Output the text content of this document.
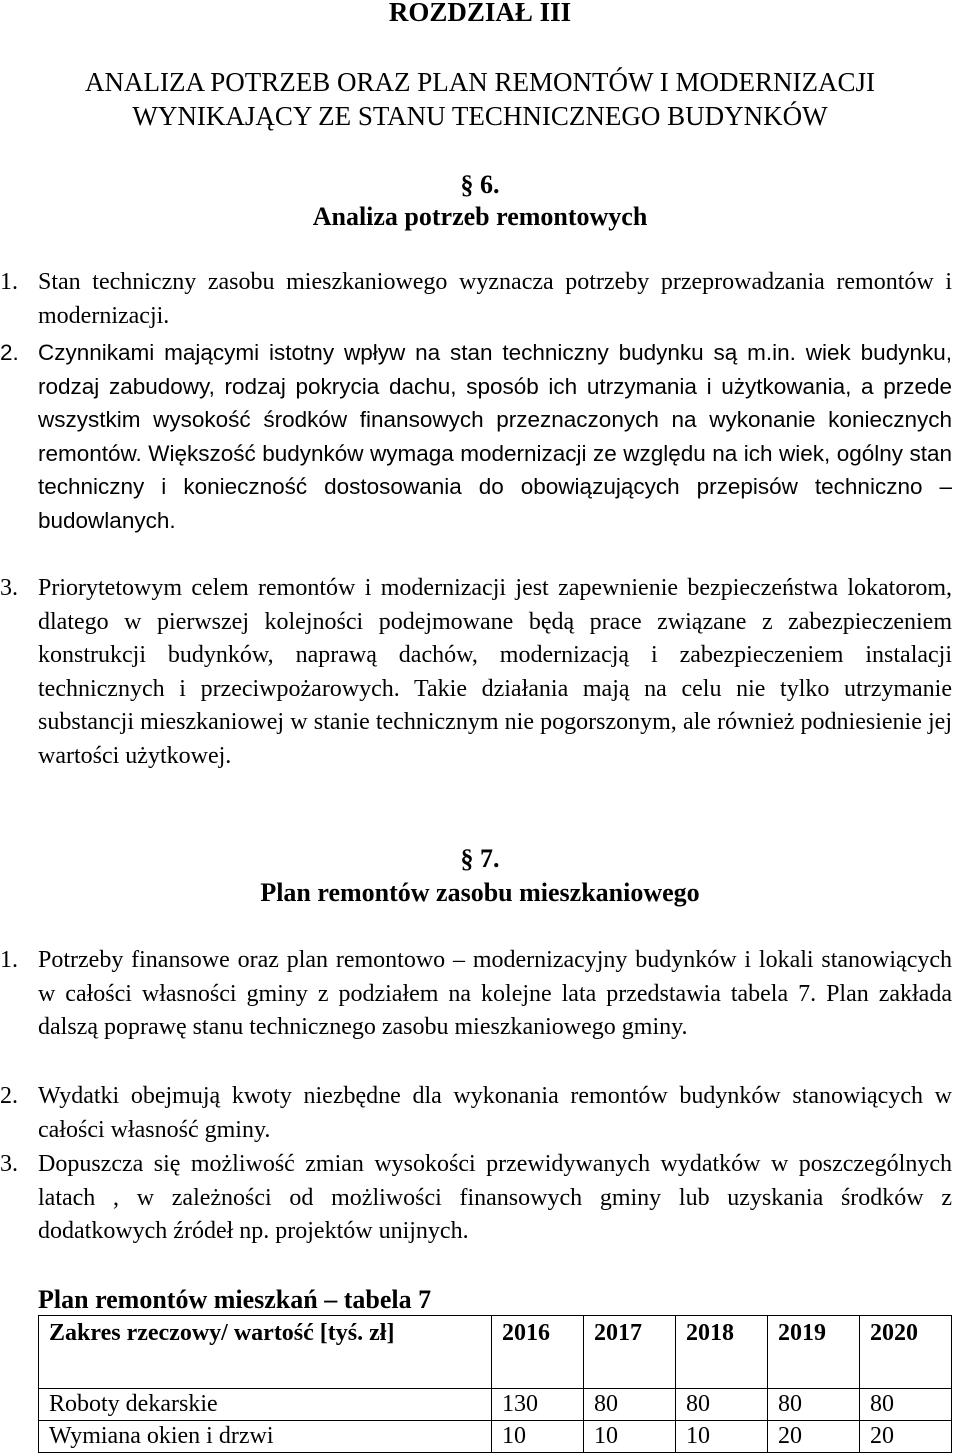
ROZDZIAŁ III
ANALIZA POTRZEB ORAZ PLAN REMONTÓW I MODERNIZACJI
WYNIKAJĄCY ZE STANU TECHNICZNEGO BUDYNKÓW
§ 6.
Analiza potrzeb remontowych
1. Stan techniczny zasobu mieszkaniowego wyznacza potrzeby przeprowadzania remontów i modernizacji.
2. Czynnikami mającymi istotny wpływ na stan techniczny budynku są m.in. wiek budynku, rodzaj zabudowy, rodzaj pokrycia dachu, sposób ich utrzymania i użytkowania, a przede wszystkim wysokość środków finansowych przeznaczonych na wykonanie koniecznych remontów. Większość budynków wymaga modernizacji ze względu na ich wiek, ogólny stan techniczny i konieczność dostosowania do obowiązujących przepisów techniczno – budowlanych.
3. Priorytetowym celem remontów i modernizacji jest zapewnienie bezpieczeństwa lokatorom, dlatego w pierwszej kolejności podejmowane będą prace związane z zabezpieczeniem konstrukcji budynków, naprawą dachów, modernizacją i zabezpieczeniem instalacji technicznych i przeciwpożarowych. Takie działania mają na celu nie tylko utrzymanie substancji mieszkaniowej w stanie technicznym nie pogorszonym, ale również podniesienie jej wartości użytkowej.
§ 7.
Plan remontów zasobu mieszkaniowego
1. Potrzeby finansowe oraz plan remontowo – modernizacyjny budynków i lokali stanowiących w całości własności gminy z podziałem na kolejne lata przedstawia tabela 7. Plan zakłada dalszą poprawę stanu technicznego zasobu mieszkaniowego gminy.
2. Wydatki obejmują kwoty niezbędne dla wykonania remontów budynków stanowiących w całości własność gminy.
3. Dopuszcza się możliwość zmian wysokości przewidywanych wydatków w poszczególnych latach , w zależności od możliwości finansowych gminy lub uzyskania środków z dodatkowych źródeł np. projektów unijnych.
Plan remontów mieszkań – tabela 7
Zakres rzeczowy/ wartość [tyś. zł]	2016	2017	2018	2019	2020
Roboty dekarskie	130	80	80	80	80
Wymiana okien i drzwi	10	10	10	20	20
